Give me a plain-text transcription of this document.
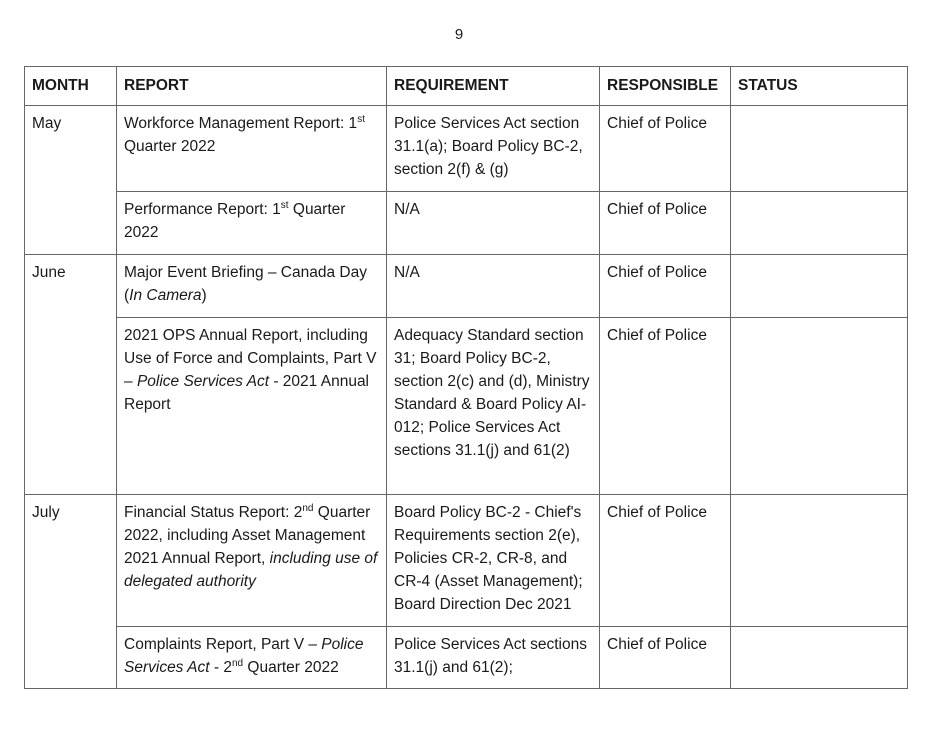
9
MONTH	REPORT	REQUIREMENT	RESPONSIBLE	STATUS
May	Workforce Management Report: 1st Quarter 2022	Police Services Act section 31.1(a); Board Policy BC-2, section 2(f) & (g)	Chief of Police	
	Performance Report: 1st Quarter 2022	N/A	Chief of Police	
June	Major Event Briefing – Canada Day (In Camera)	N/A	Chief of Police	
	2021 OPS Annual Report, including Use of Force and Complaints, Part V – Police Services Act - 2021 Annual Report	Adequacy Standard section 31; Board Policy BC-2, section 2(c) and (d), Ministry Standard & Board Policy AI-012; Police Services Act sections 31.1(j) and 61(2)	Chief of Police	
July	Financial Status Report: 2nd Quarter 2022, including Asset Management 2021 Annual Report, including use of delegated authority	Board Policy BC-2 - Chief's Requirements section 2(e), Policies CR-2, CR-8, and CR-4 (Asset Management); Board Direction Dec 2021	Chief of Police	
	Complaints Report, Part V – Police Services Act - 2nd Quarter 2022	Police Services Act sections 31.1(j) and 61(2);	Chief of Police	
